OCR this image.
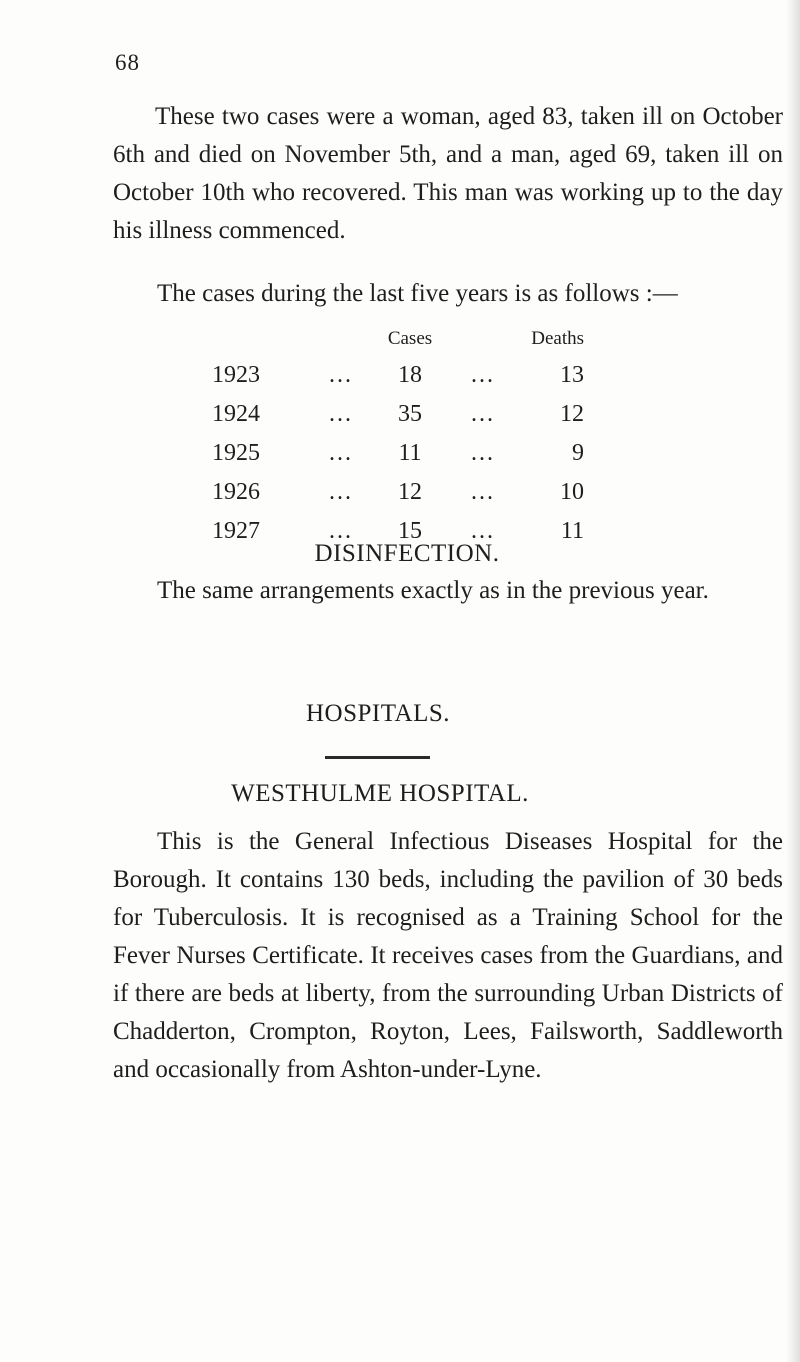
68

These two cases were a woman, aged 83, taken ill on October 6th and died on November 5th, and a man, aged 69, taken ill on October 10th who recovered. This man was working up to the day his illness commenced.

The cases during the last five years is as follows :—
		Cases		Deaths
1923	...	18	...	13
1924	...	35	...	12
1925	...	11	...	9
1926	...	12	...	10
1927	...	15	...	11
DISINFECTION.

The same arrangements exactly as in the previous year.

HOSPITALS.
WESTHULME HOSPITAL.

This is the General Infectious Diseases Hospital for the Borough. It contains 130 beds, including the pavilion of 30 beds for Tuberculosis. It is recognised as a Training School for the Fever Nurses Certificate. It receives cases from the Guardians, and if there are beds at liberty, from the surrounding Urban Districts of Chadderton, Crompton, Royton, Lees, Failsworth, Saddleworth and occasionally from Ashton-under-Lyne.
